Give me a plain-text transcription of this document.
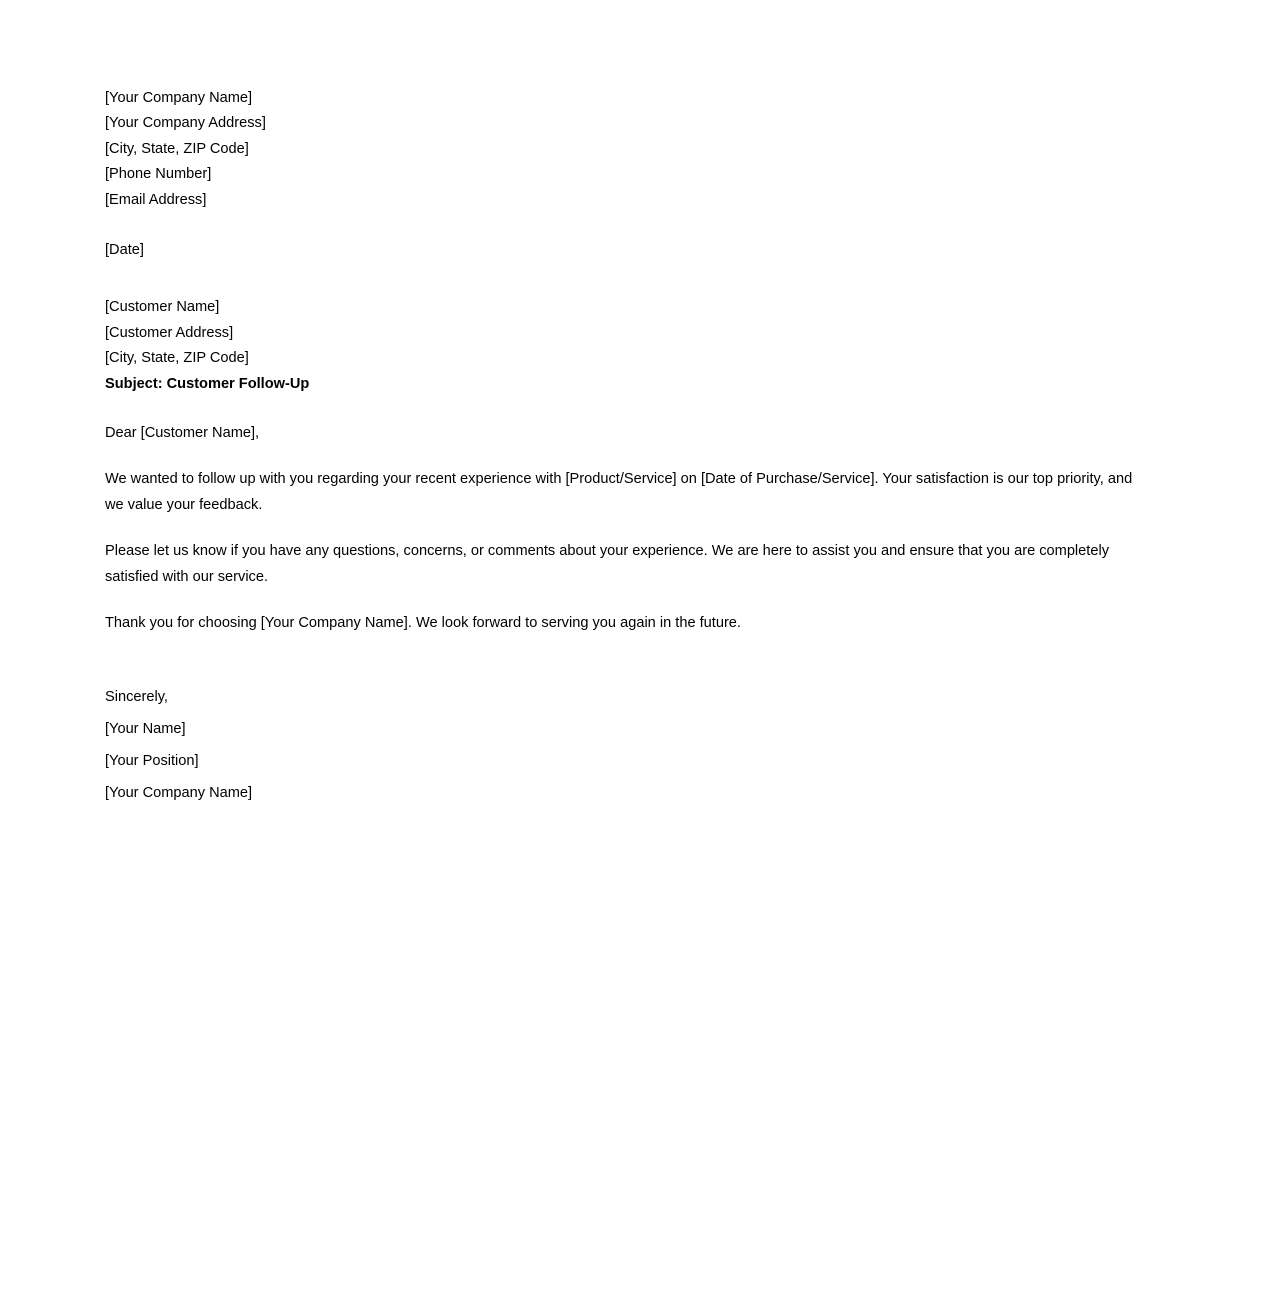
[Your Company Name]
[Your Company Address]
[City, State, ZIP Code]
[Phone Number]
[Email Address]
[Date]
[Customer Name]
[Customer Address]
[City, State, ZIP Code]
Subject: Customer Follow-Up
Dear [Customer Name],
We wanted to follow up with you regarding your recent experience with [Product/Service] on [Date of Purchase/Service]. Your satisfaction is our top priority, and we value your feedback.
Please let us know if you have any questions, concerns, or comments about your experience. We are here to assist you and ensure that you are completely satisfied with our service.
Thank you for choosing [Your Company Name]. We look forward to serving you again in the future.
Sincerely,
[Your Name]
[Your Position]
[Your Company Name]
